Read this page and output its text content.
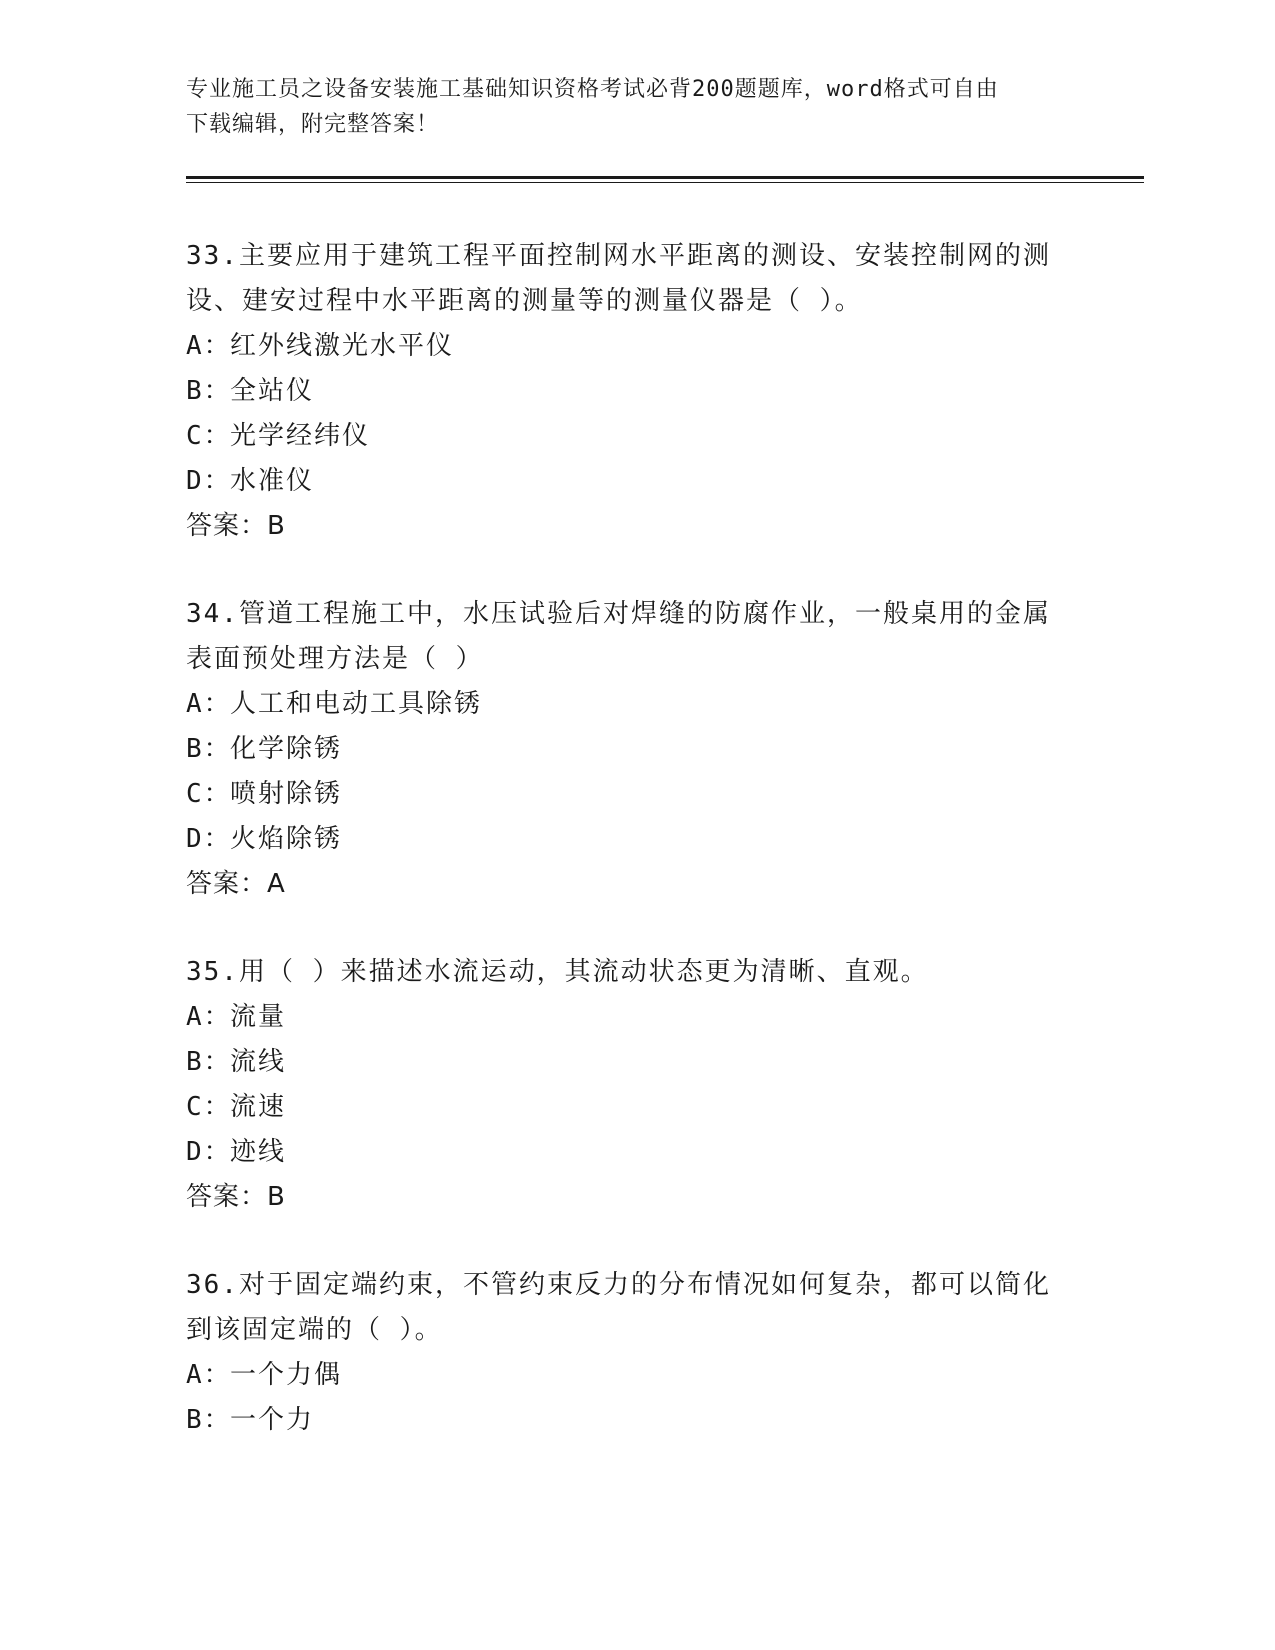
专业施工员之设备安装施工基础知识资格考试必背200题题库，word格式可自由
下载编辑，附完整答案！

33.主要应用于建筑工程平面控制网水平距离的测设、安装控制网的测

设、建安过程中水平距离的测量等的测量仪器是（ ）。

A：
红外线激光水平仪

B：
全站仪

C：
光学经纬仪

D：
水准仪

答案：B

34.管道工程施工中，水压试验后对焊缝的防腐作业，一般桌用的金属

表面预处理方法是（ ）

A：
人工和电动工具除锈

B：
化学除锈

C：
喷射除锈

D：
火焰除锈

答案：A

35.用（ ）来描述水流运动，其流动状态更为清晰、直观。

A：
流量

B：
流线

C：
流速

D：
迹线

答案：B

36.对于固定端约束，不管约束反力的分布情况如何复杂，都可以简化

到该固定端的（ ）。

A：
一个力偶

B：
一个力
